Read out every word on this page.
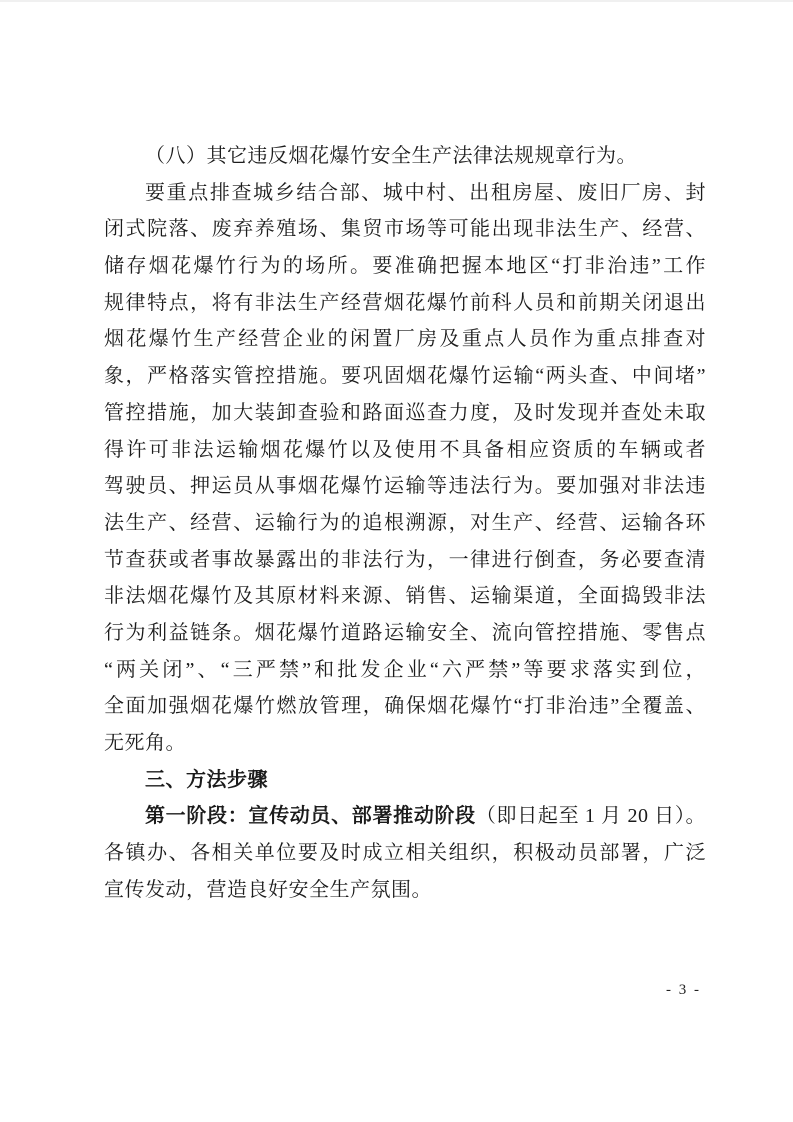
（八）其它违反烟花爆竹安全生产法律法规规章行为。
要重点排查城乡结合部、城中村、出租房屋、废旧厂房、封
闭式院落、废弃养殖场、集贸市场等可能出现非法生产、经营、
储存烟花爆竹行为的场所。要准确把握本地区“打非治违”工作
规律特点，将有非法生产经营烟花爆竹前科人员和前期关闭退出
烟花爆竹生产经营企业的闲置厂房及重点人员作为重点排查对
象，严格落实管控措施。要巩固烟花爆竹运输“两头查、中间堵”
管控措施，加大装卸查验和路面巡查力度，及时发现并查处未取
得许可非法运输烟花爆竹以及使用不具备相应资质的车辆或者
驾驶员、押运员从事烟花爆竹运输等违法行为。要加强对非法违
法生产、经营、运输行为的追根溯源，对生产、经营、运输各环
节查获或者事故暴露出的非法行为，一律进行倒查，务必要查清
非法烟花爆竹及其原材料来源、销售、运输渠道，全面捣毁非法
行为利益链条。烟花爆竹道路运输安全、流向管控措施、零售点
“两关闭”、“三严禁”和批发企业“六严禁”等要求落实到位，
全面加强烟花爆竹燃放管理，确保烟花爆竹“打非治违”全覆盖、
无死角。
三、方法步骤
第一阶段：宣传动员、部署推动阶段（即日起至 1 月 20 日）。
各镇办、各相关单位要及时成立相关组织，积极动员部署，广泛
宣传发动，营造良好安全生产氛围。
- 3 -
